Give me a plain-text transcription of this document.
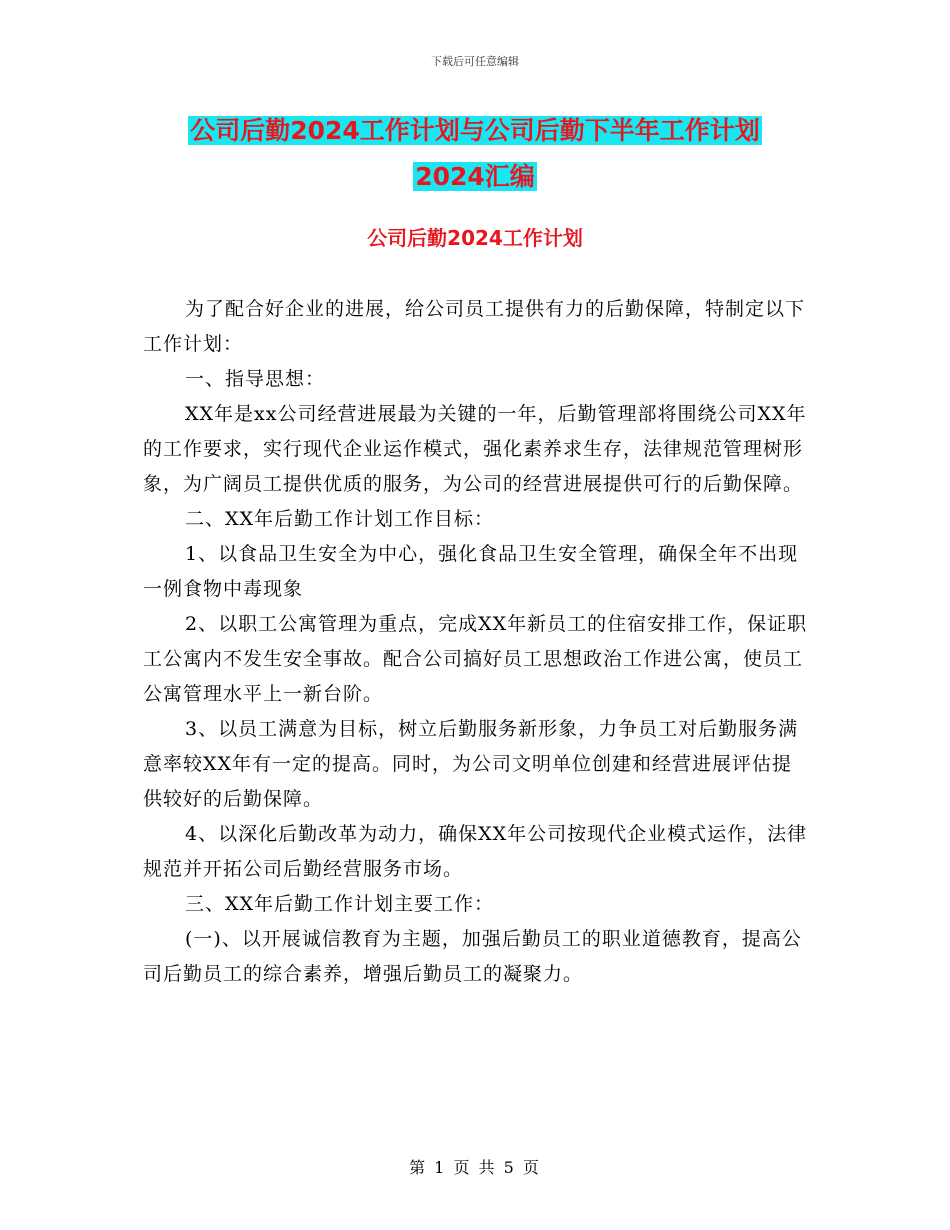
下载后可任意编辑
公司后勤2024工作计划与公司后勤下半年工作计划
2024汇编
公司后勤2024工作计划

为了配合好企业的进展，给公司员工提供有力的后勤保障，特制定以下工作计划：

一、指导思想：

XX年是xx公司经营进展最为关键的一年，后勤管理部将围绕公司XX年的工作要求，实行现代企业运作模式，强化素养求生存，法律规范管理树形象，为广阔员工提供优质的服务，为公司的经营进展提供可行的后勤保障。

二、XX年后勤工作计划工作目标：

1、以食品卫生安全为中心，强化食品卫生安全管理，确保全年不出现一例食物中毒现象

2、以职工公寓管理为重点，完成XX年新员工的住宿安排工作，保证职工公寓内不发生安全事故。配合公司搞好员工思想政治工作进公寓，使员工公寓管理水平上一新台阶。

3、以员工满意为目标，树立后勤服务新形象，力争员工对后勤服务满意率较XX年有一定的提高。同时，为公司文明单位创建和经营进展评估提供较好的后勤保障。

4、以深化后勤改革为动力，确保XX年公司按现代企业模式运作，法律规范并开拓公司后勤经营服务市场。

三、XX年后勤工作计划主要工作：

(一)、以开展诚信教育为主题，加强后勤员工的职业道德教育，提高公司后勤员工的综合素养，增强后勤员工的凝聚力。

第 1 页 共 5 页
